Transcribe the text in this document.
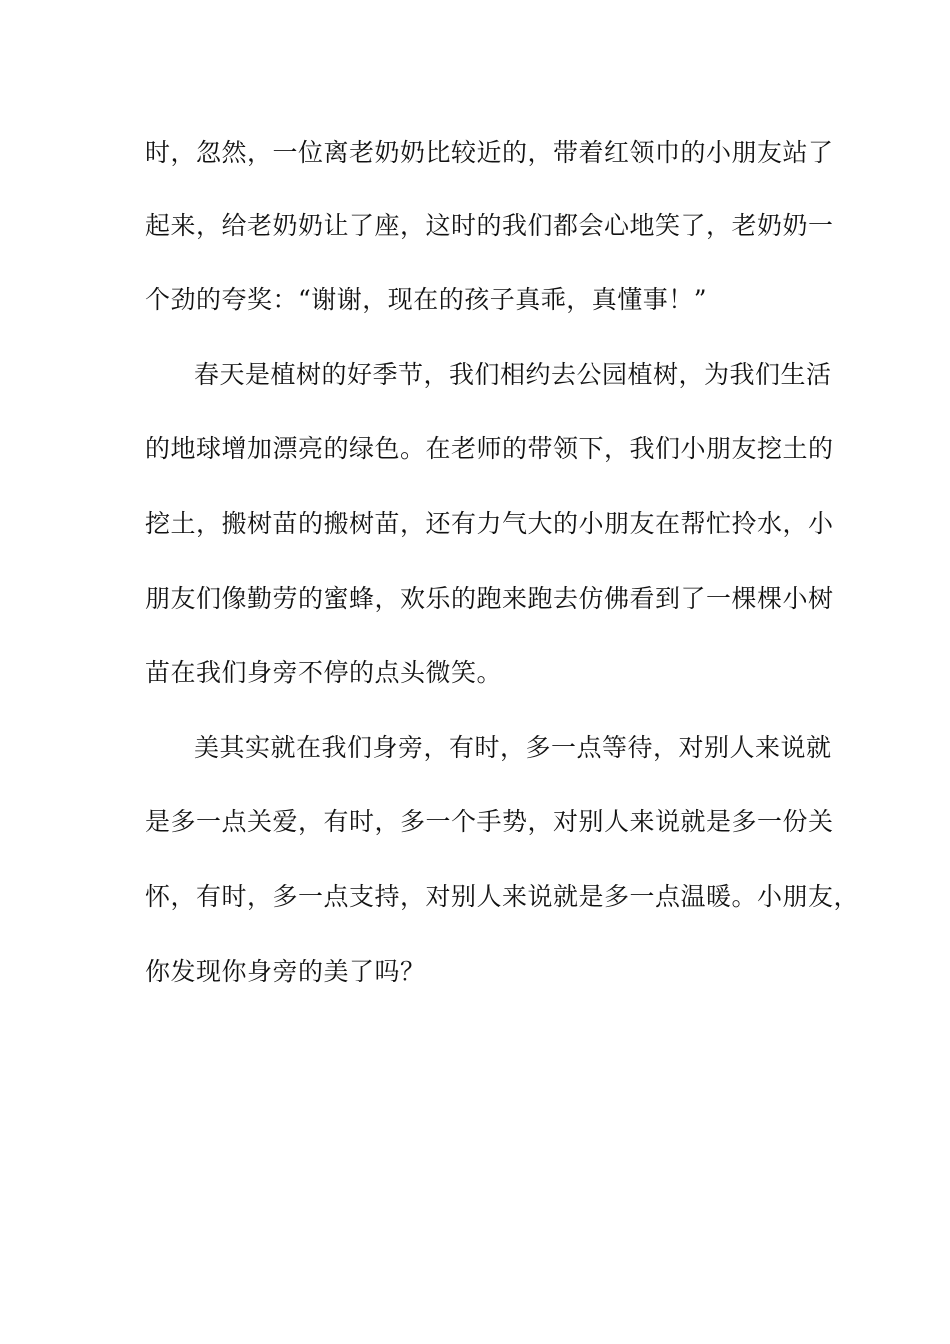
时，忽然，一位离老奶奶比较近的，带着红领巾的小朋友站了
起来，给老奶奶让了座，这时的我们都会心地笑了，老奶奶一
个劲的夸奖：“谢谢，现在的孩子真乖，真懂事！”
春天是植树的好季节，我们相约去公园植树，为我们生活
的地球增加漂亮的绿色。在老师的带领下，我们小朋友挖土的
挖土，搬树苗的搬树苗，还有力气大的小朋友在帮忙拎水，小
朋友们像勤劳的蜜蜂，欢乐的跑来跑去仿佛看到了一棵棵小树
苗在我们身旁不停的点头微笑。
美其实就在我们身旁，有时，多一点等待，对别人来说就
是多一点关爱，有时，多一个手势，对别人来说就是多一份关
怀，有时，多一点支持，对别人来说就是多一点温暖。小朋友，
你发现你身旁的美了吗？
